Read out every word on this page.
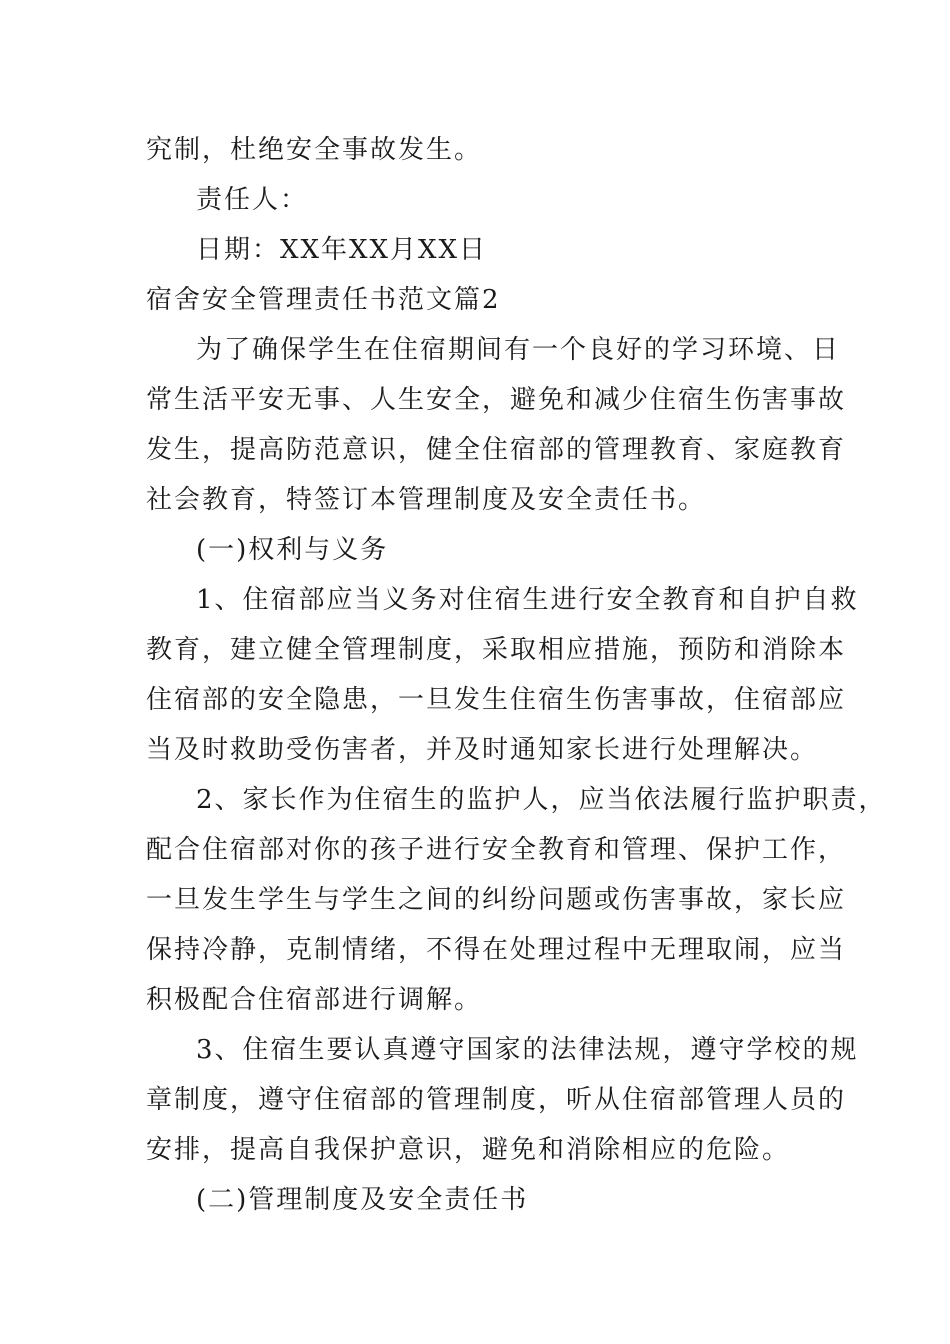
究制，杜绝安全事故发生。
责任人：
日期：XX年XX月XX日
宿舍安全管理责任书范文篇2
为了确保学生在住宿期间有一个良好的学习环境、日
常生活平安无事、人生安全，避免和减少住宿生伤害事故
发生，提高防范意识，健全住宿部的管理教育、家庭教育
社会教育，特签订本管理制度及安全责任书。
(一)权利与义务
1、住宿部应当义务对住宿生进行安全教育和自护自救
教育，建立健全管理制度，采取相应措施，预防和消除本
住宿部的安全隐患，一旦发生住宿生伤害事故，住宿部应
当及时救助受伤害者，并及时通知家长进行处理解决。
2、家长作为住宿生的监护人，应当依法履行监护职责，
配合住宿部对你的孩子进行安全教育和管理、保护工作，
一旦发生学生与学生之间的纠纷问题或伤害事故，家长应
保持冷静，克制情绪，不得在处理过程中无理取闹，应当
积极配合住宿部进行调解。
3、住宿生要认真遵守国家的法律法规，遵守学校的规
章制度，遵守住宿部的管理制度，听从住宿部管理人员的
安排，提高自我保护意识，避免和消除相应的危险。
(二)管理制度及安全责任书
